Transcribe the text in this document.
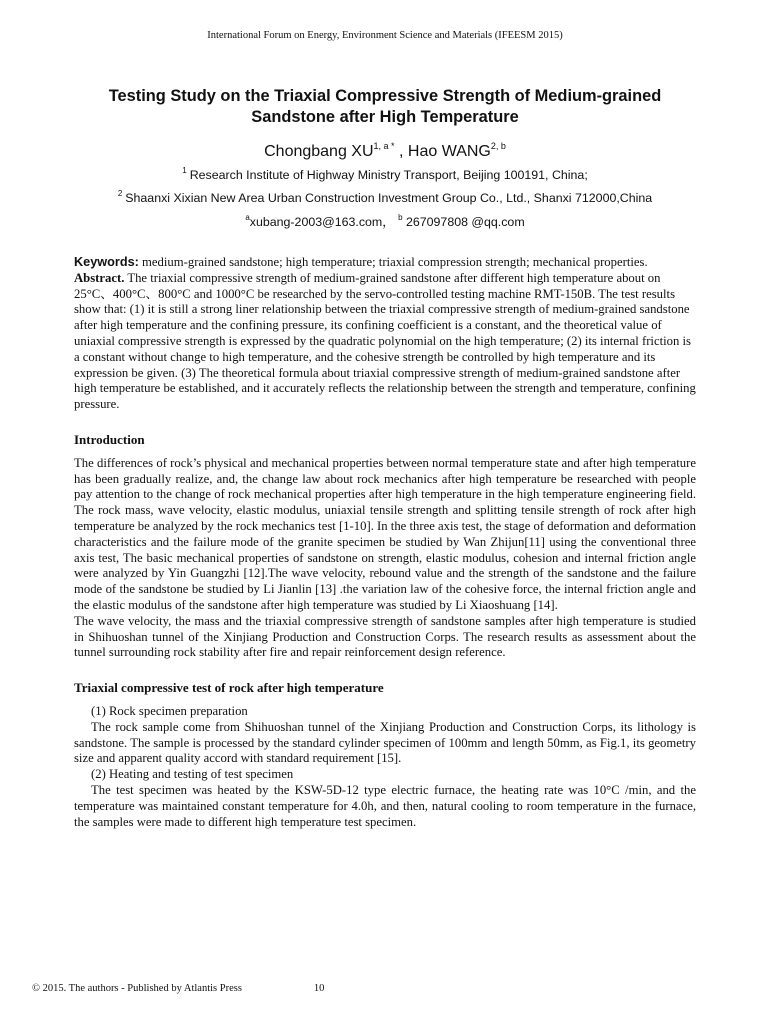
International Forum on Energy, Environment Science and Materials (IFEESM 2015)
Testing Study on the Triaxial Compressive Strength of Medium-grained
Sandstone after High Temperature
Chongbang $XU^{1, a *}$ , Hao WANG$^{2, b}$
$^1$ Research Institute of Highway Ministry Transport, Beijing 100191, China;
$^2$ Shaanxi Xixian New Area Urban Construction Investment Group Co., Ltd., Shanxi 712000,China
$^a$xubang-2003@163.com， $^b$ 267097808 @qq.com

Keywords: medium-grained sandstone; high temperature; triaxial compression strength; mechanical properties.

Abstract. The triaxial compressive strength of medium-grained sandstone after different high temperature about on 25°C、400°C、800°C and 1000°C be researched by the servo-controlled testing machine RMT-150B. The test results show that: (1) it is still a strong liner relationship between the triaxial compressive strength of medium-grained sandstone after high temperature and the confining pressure, its confining coefficient is a constant, and the theoretical value of uniaxial compressive strength is expressed by the quadratic polynomial on the high temperature; (2) its internal friction is a constant without change to high temperature, and the cohesive strength be controlled by high temperature and its expression be given. (3) The theoretical formula about triaxial compressive strength of medium-grained sandstone after high temperature be established, and it accurately reflects the relationship between the strength and temperature, confining pressure.

Introduction

The differences of rock’s physical and mechanical properties between normal temperature state and after high temperature has been gradually realize, and, the change law about rock mechanics after high temperature be researched with people pay attention to the change of rock mechanical properties after high temperature in the high temperature engineering field. The rock mass, wave velocity, elastic modulus, uniaxial tensile strength and splitting tensile strength of rock after high temperature be analyzed by the rock mechanics test [1-10]. In the three axis test, the stage of deformation and deformation characteristics and the failure mode of the granite specimen be studied by Wan Zhijun[11] using the conventional three axis test, The basic mechanical properties of sandstone on strength, elastic modulus, cohesion and internal friction angle were analyzed by Yin Guangzhi [12].The wave velocity, rebound value and the strength of the sandstone and the failure mode of the sandstone be studied by Li Jianlin [13] .the variation law of the cohesive force, the internal friction angle and the elastic modulus of the sandstone after high temperature was studied by Li Xiaoshuang [14].

The wave velocity, the mass and the triaxial compressive strength of sandstone samples after high temperature is studied in Shihuoshan tunnel of the Xinjiang Production and Construction Corps. The research results as assessment about the tunnel surrounding rock stability after fire and repair reinforcement design reference.

Triaxial compressive test of rock after high temperature

(1) Rock specimen preparation

The rock sample come from Shihuoshan tunnel of the Xinjiang Production and Construction Corps, its lithology is sandstone. The sample is processed by the standard cylinder specimen of 100mm and length 50mm, as Fig.1, its geometry size and apparent quality accord with standard requirement [15].

(2) Heating and testing of test specimen

The test specimen was heated by the KSW-5D-12 type electric furnace, the heating rate was 10°C /min, and the temperature was maintained constant temperature for 4.0h, and then, natural cooling to room temperature in the furnace, the samples were made to different high temperature test specimen.

© 2015. The authors - Published by Atlantis Press	10
